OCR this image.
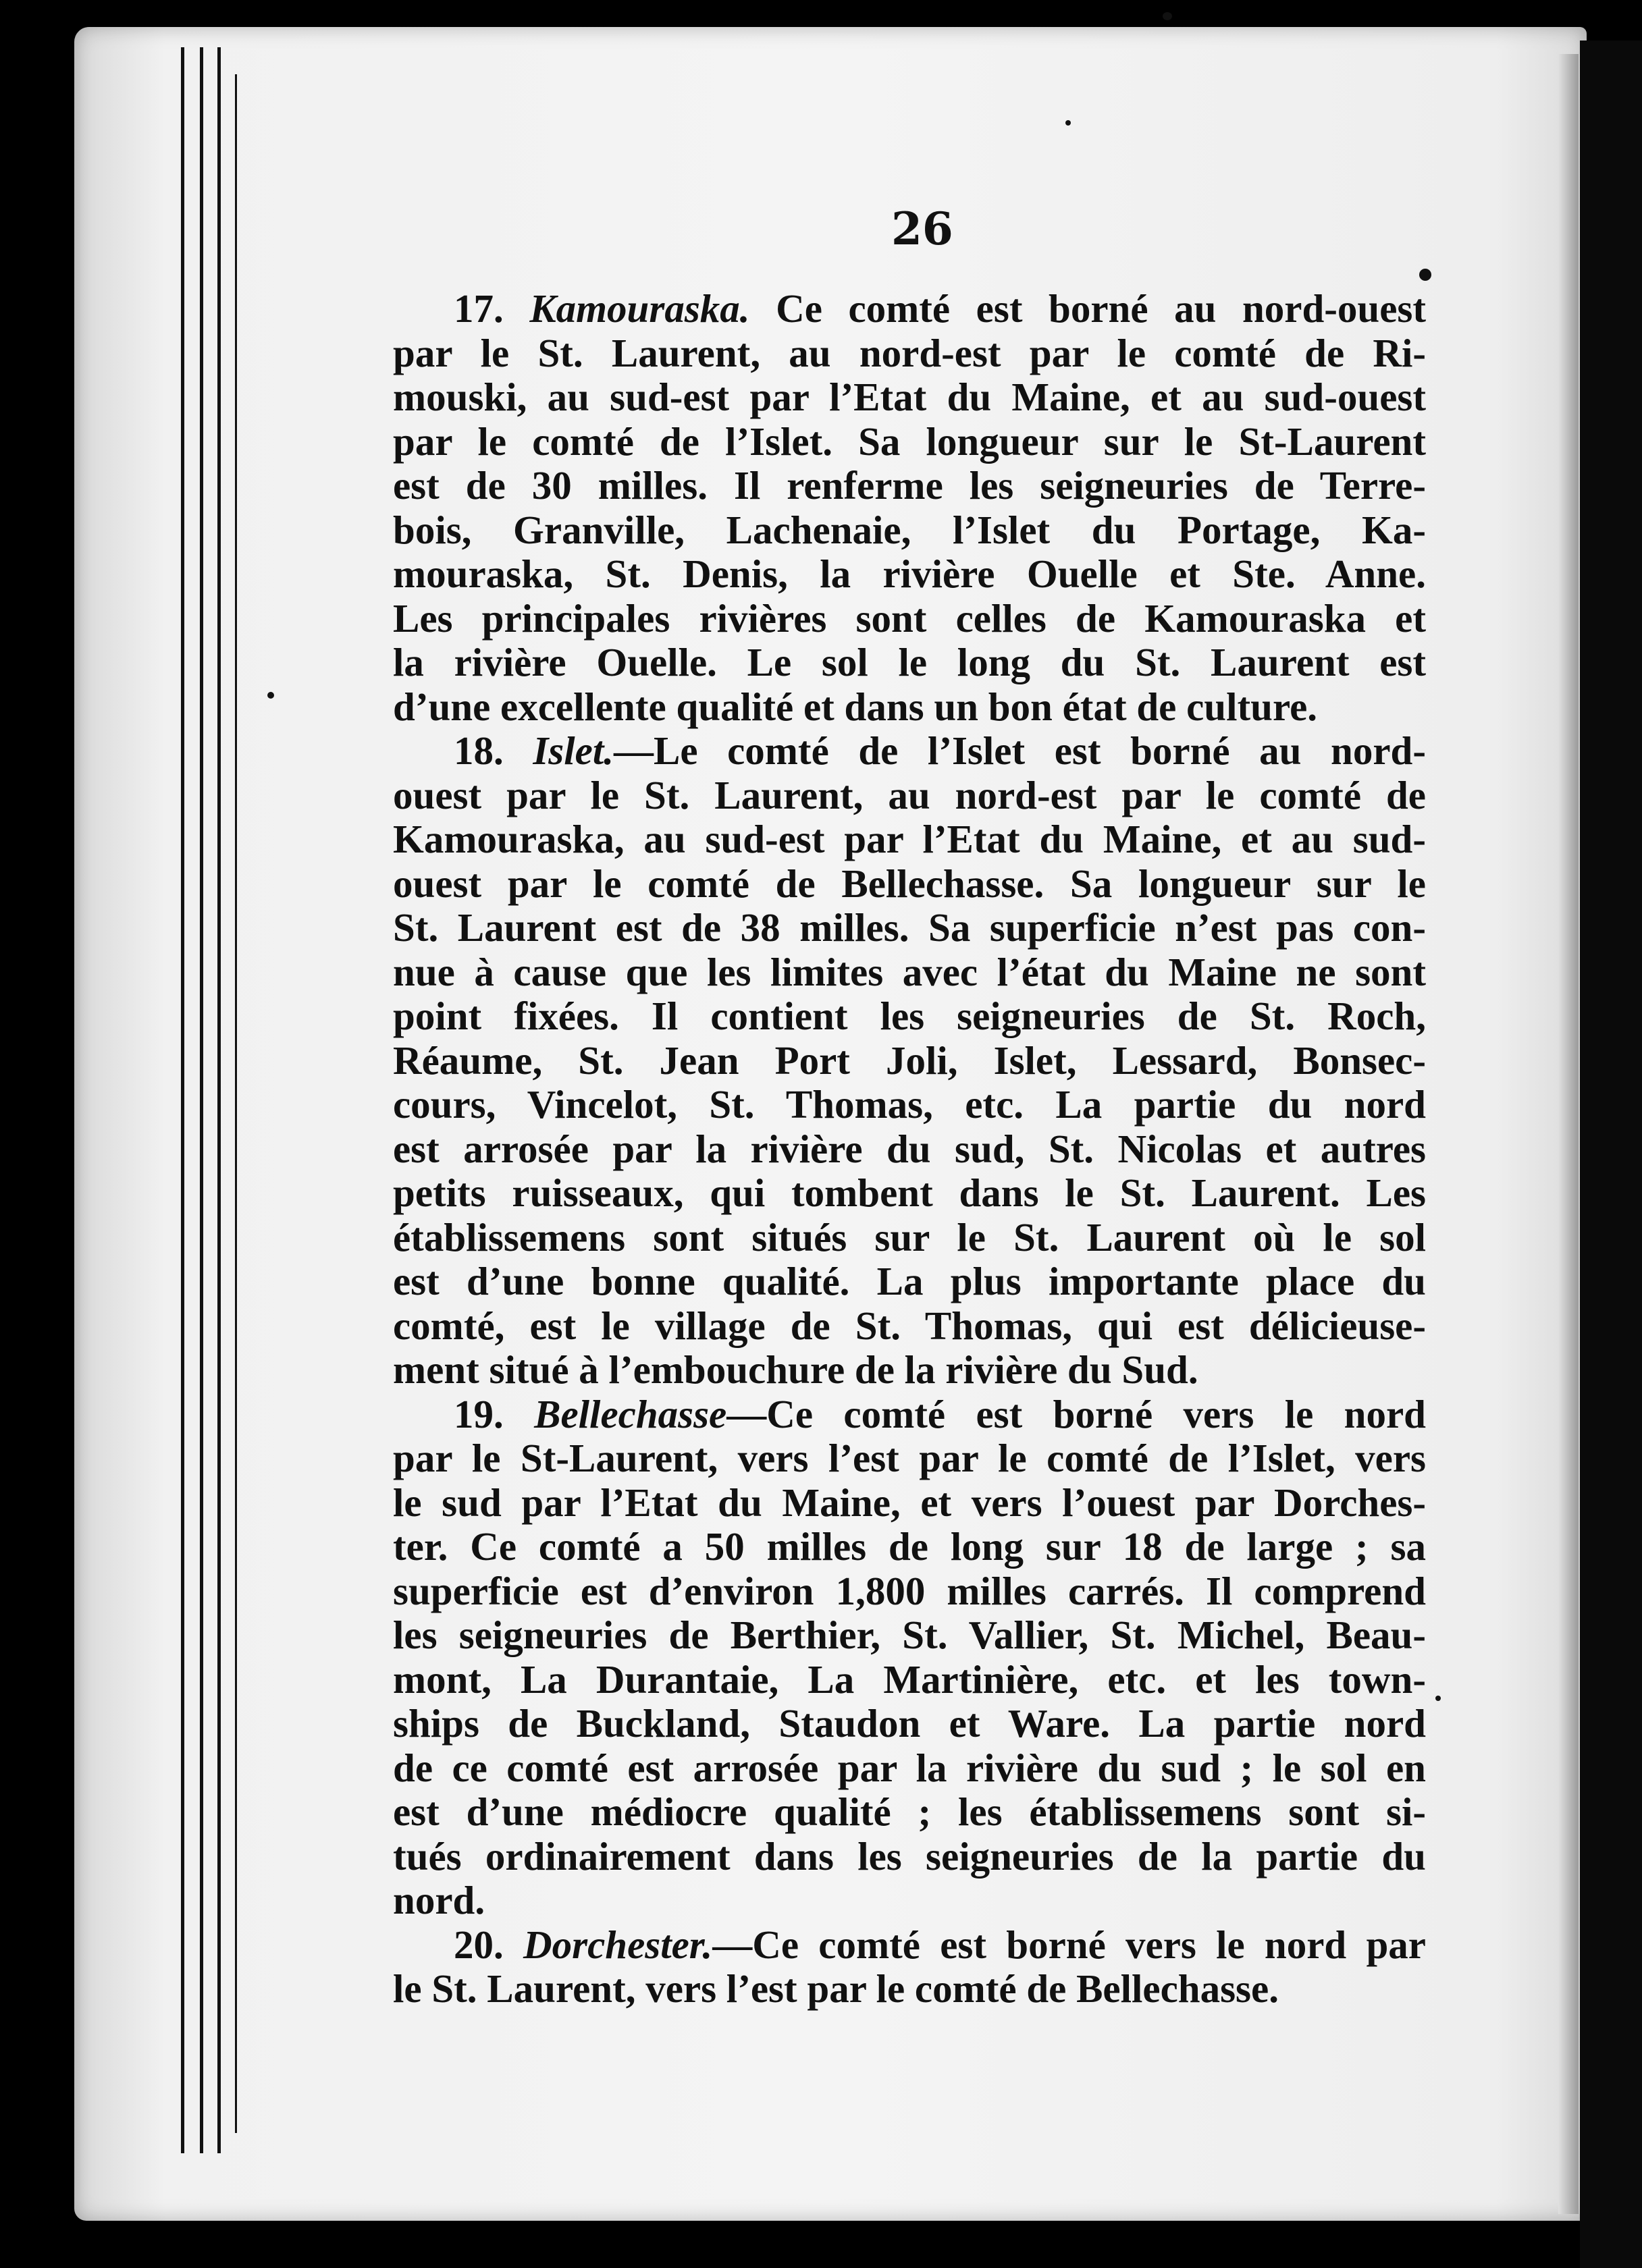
26
17. Kamouraska. Ce comté est borné au nord-ouest
par le St. Laurent, au nord-est par le comté de Ri-
mouski, au sud-est par l’Etat du Maine, et au sud-ouest
par le comté de l’Islet. Sa longueur sur le St-Laurent
est de 30 milles. Il renferme les seigneuries de Terre-
bois, Granville, Lachenaie, l’Islet du Portage, Ka-
mouraska, St. Denis, la rivière Ouelle et Ste. Anne.
Les principales rivières sont celles de Kamouraska et
la rivière Ouelle. Le sol le long du St. Laurent est
d’une excellente qualité et dans un bon état de culture.
18. Islet.—Le comté de l’Islet est borné au nord-
ouest par le St. Laurent, au nord-est par le comté de
Kamouraska, au sud-est par l’Etat du Maine, et au sud-
ouest par le comté de Bellechasse. Sa longueur sur le
St. Laurent est de 38 milles. Sa superficie n’est pas con-
nue à cause que les limites avec l’état du Maine ne sont
point fixées. Il contient les seigneuries de St. Roch,
Réaume, St. Jean Port Joli, Islet, Lessard, Bonsec-
cours, Vincelot, St. Thomas, etc. La partie du nord
est arrosée par la rivière du sud, St. Nicolas et autres
petits ruisseaux, qui tombent dans le St. Laurent. Les
établissemens sont situés sur le St. Laurent où le sol
est d’une bonne qualité. La plus importante place du
comté, est le village de St. Thomas, qui est délicieuse-
ment situé à l’embouchure de la rivière du Sud.
19. Bellechasse—Ce comté est borné vers le nord
par le St-Laurent, vers l’est par le comté de l’Islet, vers
le sud par l’Etat du Maine, et vers l’ouest par Dorches-
ter. Ce comté a 50 milles de long sur 18 de large ; sa
superficie est d’environ 1,800 milles carrés. Il comprend
les seigneuries de Berthier, St. Vallier, St. Michel, Beau-
mont, La Durantaie, La Martinière, etc. et les town-
ships de Buckland, Staudon et Ware. La partie nord
de ce comté est arrosée par la rivière du sud ; le sol en
est d’une médiocre qualité ; les établissemens sont si-
tués ordinairement dans les seigneuries de la partie du
nord.
20. Dorchester.—Ce comté est borné vers le nord par
le St. Laurent, vers l’est par le comté de Bellechasse.
